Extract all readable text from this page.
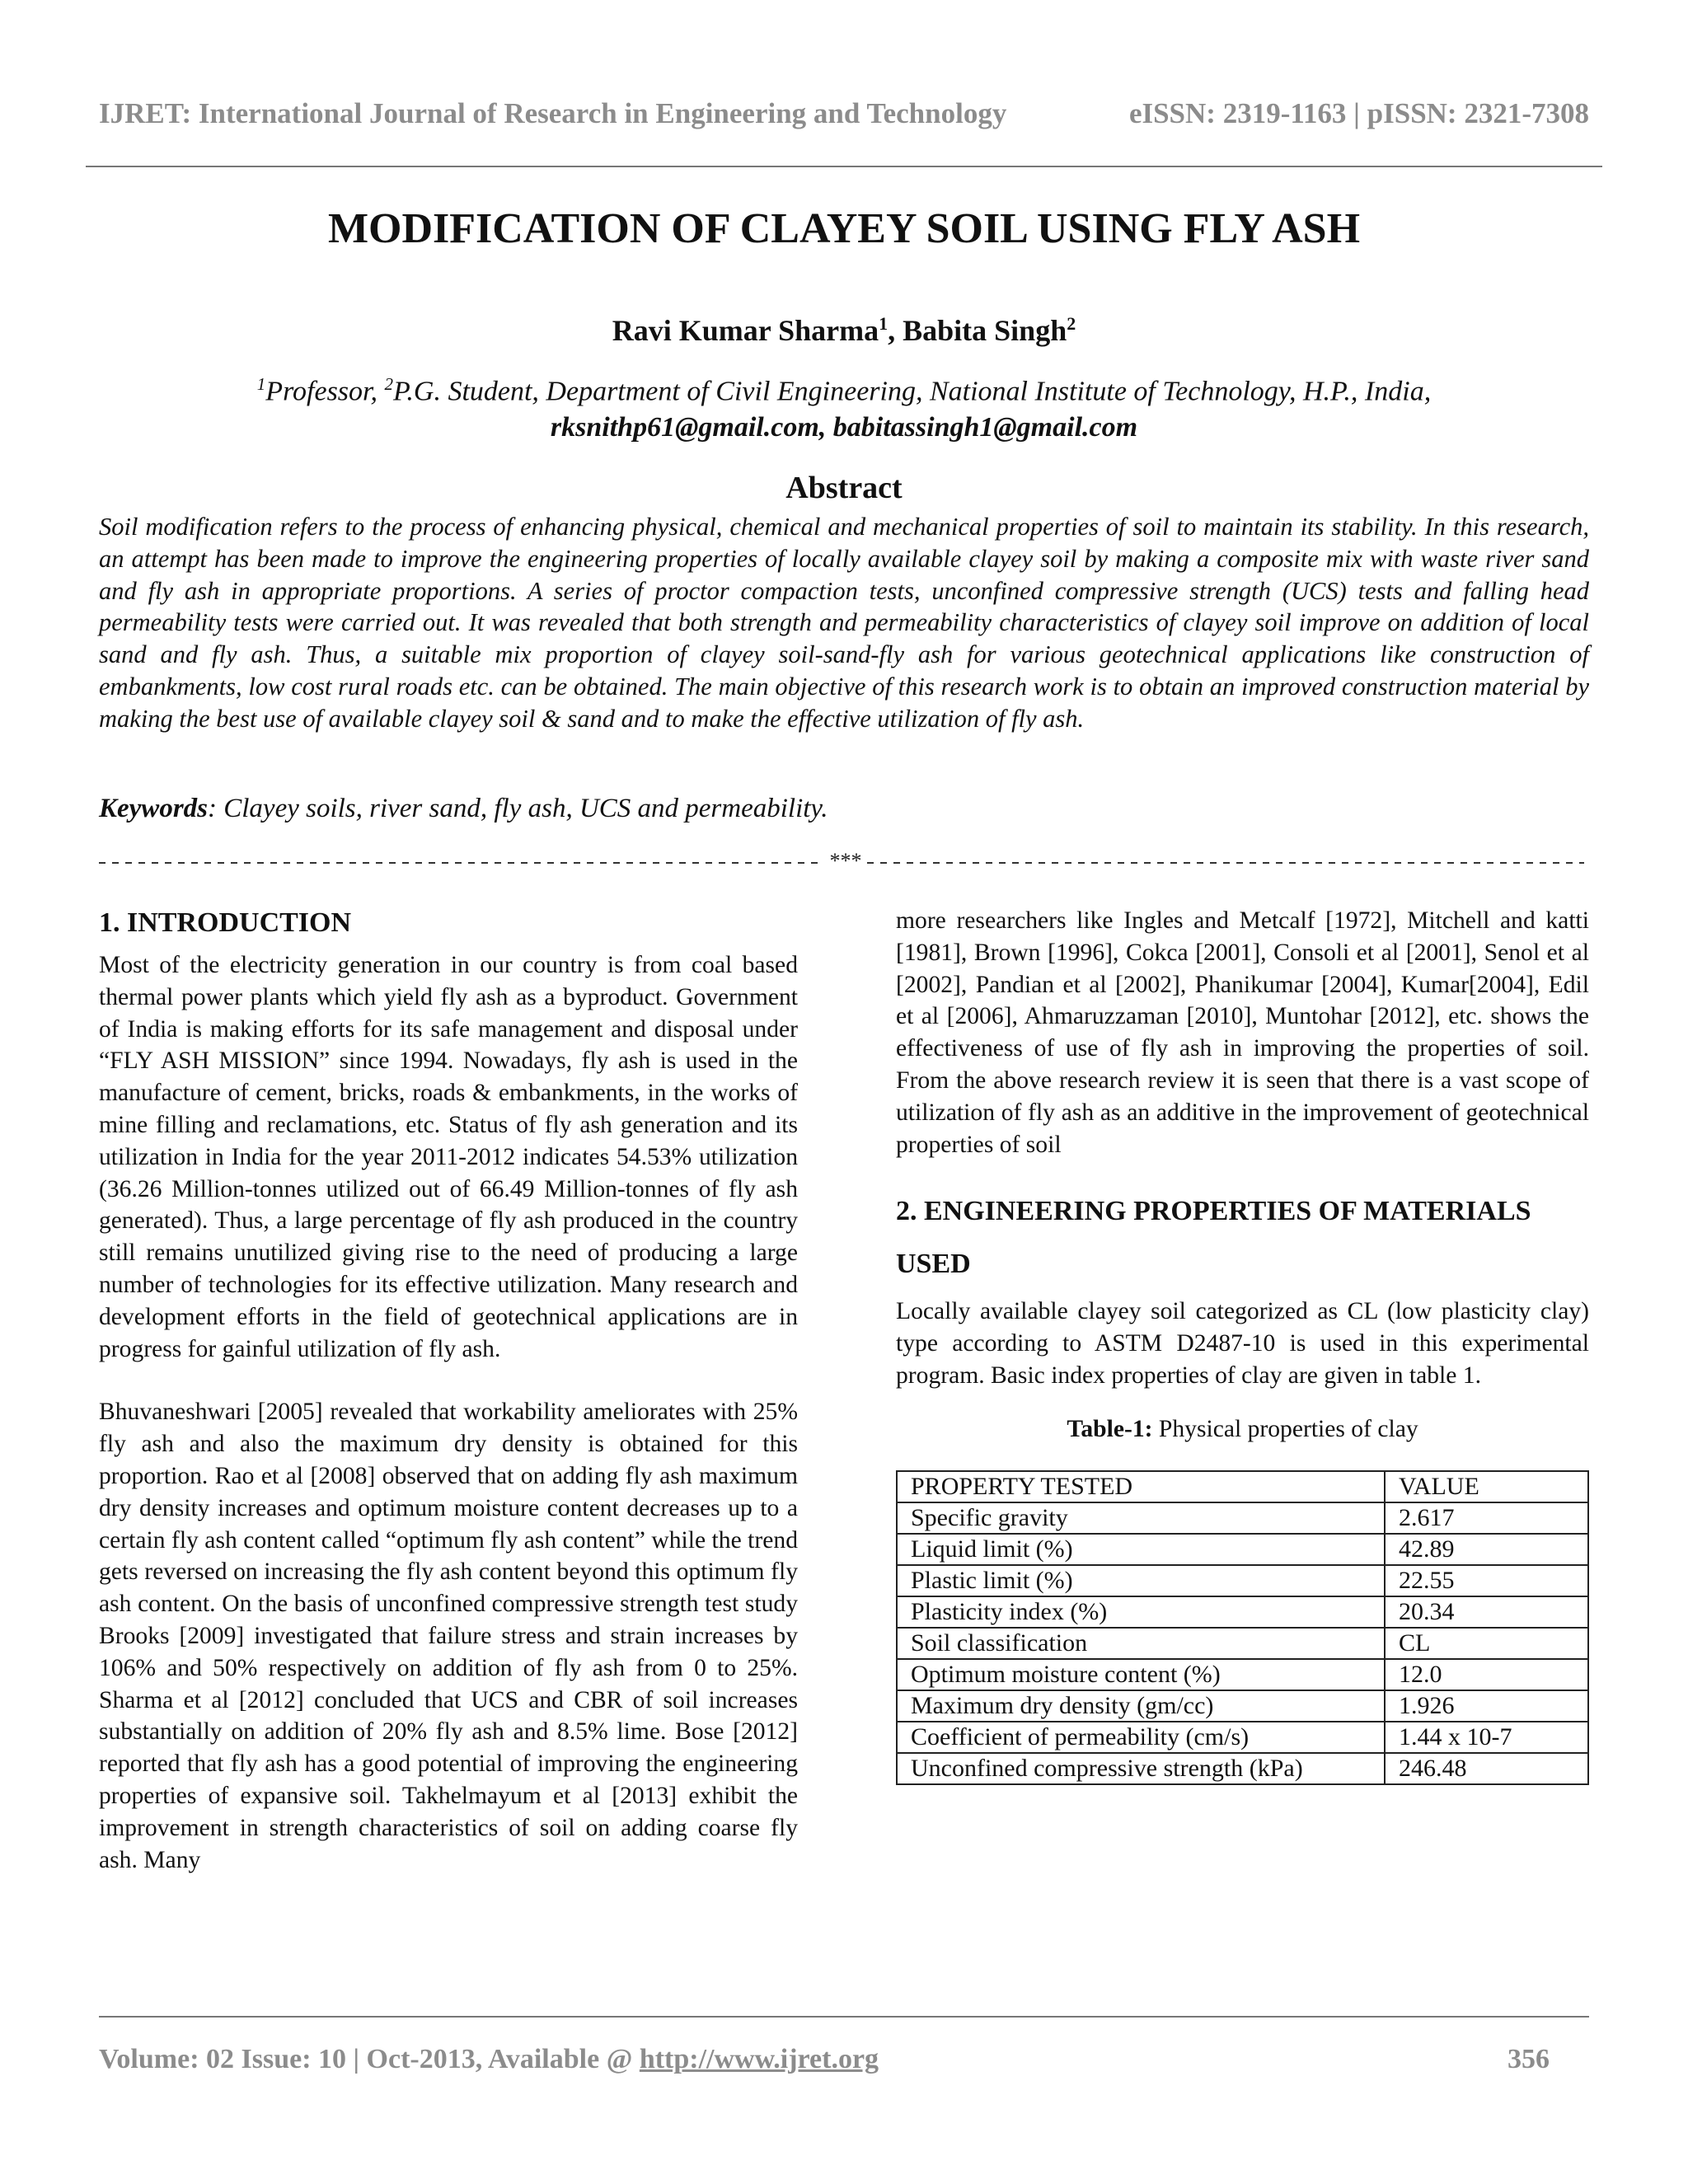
IJRET: International Journal of Research in Engineering and Technology	eISSN: 2319-1163 | pISSN: 2321-7308
MODIFICATION OF CLAYEY SOIL USING FLY ASH
Ravi Kumar Sharma$^1$, Babita Singh$^2$
$^1$Professor, $^2$P.G. Student, Department of Civil Engineering, National Institute of Technology, H.P., India,
rksnithp61@gmail.com, babitassingh1@gmail.com
Abstract
Soil modification refers to the process of enhancing physical, chemical and mechanical properties of soil to maintain its stability. In this research, an attempt has been made to improve the engineering properties of locally available clayey soil by making a composite mix with waste river sand and fly ash in appropriate proportions. A series of proctor compaction tests, unconfined compressive strength (UCS) tests and falling head permeability tests were carried out. It was revealed that both strength and permeability characteristics of clayey soil improve on addition of local sand and fly ash. Thus, a suitable mix proportion of clayey soil-sand-fly ash for various geotechnical applications like construction of embankments, low cost rural roads etc. can be obtained. The main objective of this research work is to obtain an improved construction material by making the best use of available clayey soil & sand and to make the effective utilization of fly ash.
Keywords: Clayey soils, river sand, fly ash, UCS and permeability.
***
1. INTRODUCTION

Most of the electricity generation in our country is from coal based thermal power plants which yield fly ash as a byproduct. Government of India is making efforts for its safe management and disposal under “FLY ASH MISSION” since 1994. Nowadays, fly ash is used in the manufacture of cement, bricks, roads & embankments, in the works of mine filling and reclamations, etc. Status of fly ash generation and its utilization in India for the year 2011-2012 indicates 54.53% utilization (36.26 Million-tonnes utilized out of 66.49 Million-tonnes of fly ash generated). Thus, a large percentage of fly ash produced in the country still remains unutilized giving rise to the need of producing a large number of technologies for its effective utilization. Many research and development efforts in the field of geotechnical applications are in progress for gainful utilization of fly ash.

Bhuvaneshwari [2005] revealed that workability ameliorates with 25% fly ash and also the maximum dry density is obtained for this proportion. Rao et al [2008] observed that on adding fly ash maximum dry density increases and optimum moisture content decreases up to a certain fly ash content called “optimum fly ash content” while the trend gets reversed on increasing the fly ash content beyond this optimum fly ash content. On the basis of unconfined compressive strength test study Brooks [2009] investigated that failure stress and strain increases by 106% and 50% respectively on addition of fly ash from 0 to 25%. Sharma et al [2012] concluded that UCS and CBR of soil increases substantially on addition of 20% fly ash and 8.5% lime. Bose [2012] reported that fly ash has a good potential of improving the engineering properties of expansive soil. Takhelmayum et al [2013] exhibit the improvement in strength characteristics of soil on adding coarse fly ash. Many

more researchers like Ingles and Metcalf [1972], Mitchell and katti [1981], Brown [1996], Cokca [2001], Consoli et al [2001], Senol et al [2002], Pandian et al [2002], Phanikumar [2004], Kumar[2004], Edil et al [2006], Ahmaruzzaman [2010], Muntohar [2012], etc. shows the effectiveness of use of fly ash in improving the properties of soil. From the above research review it is seen that there is a vast scope of utilization of fly ash as an additive in the improvement of geotechnical properties of soil

2. ENGINEERING PROPERTIES OF MATERIALS
USED

Locally available clayey soil categorized as CL (low plasticity clay) type according to ASTM D2487-10 is used in this experimental program. Basic index properties of clay are given in table 1.

Table-1: Physical properties of clay
PROPERTY TESTED	VALUE
Specific gravity	2.617
Liquid limit (%)	42.89
Plastic limit (%)	22.55
Plasticity index (%)	20.34
Soil classification	CL
Optimum moisture content (%)	12.0
Maximum dry density (gm/cc)	1.926
Coefficient of permeability (cm/s)	1.44 x 10-7
Unconfined compressive strength (kPa)	246.48
Volume: 02 Issue: 10 | Oct-2013, Available @ http://www.ijret.org	356
